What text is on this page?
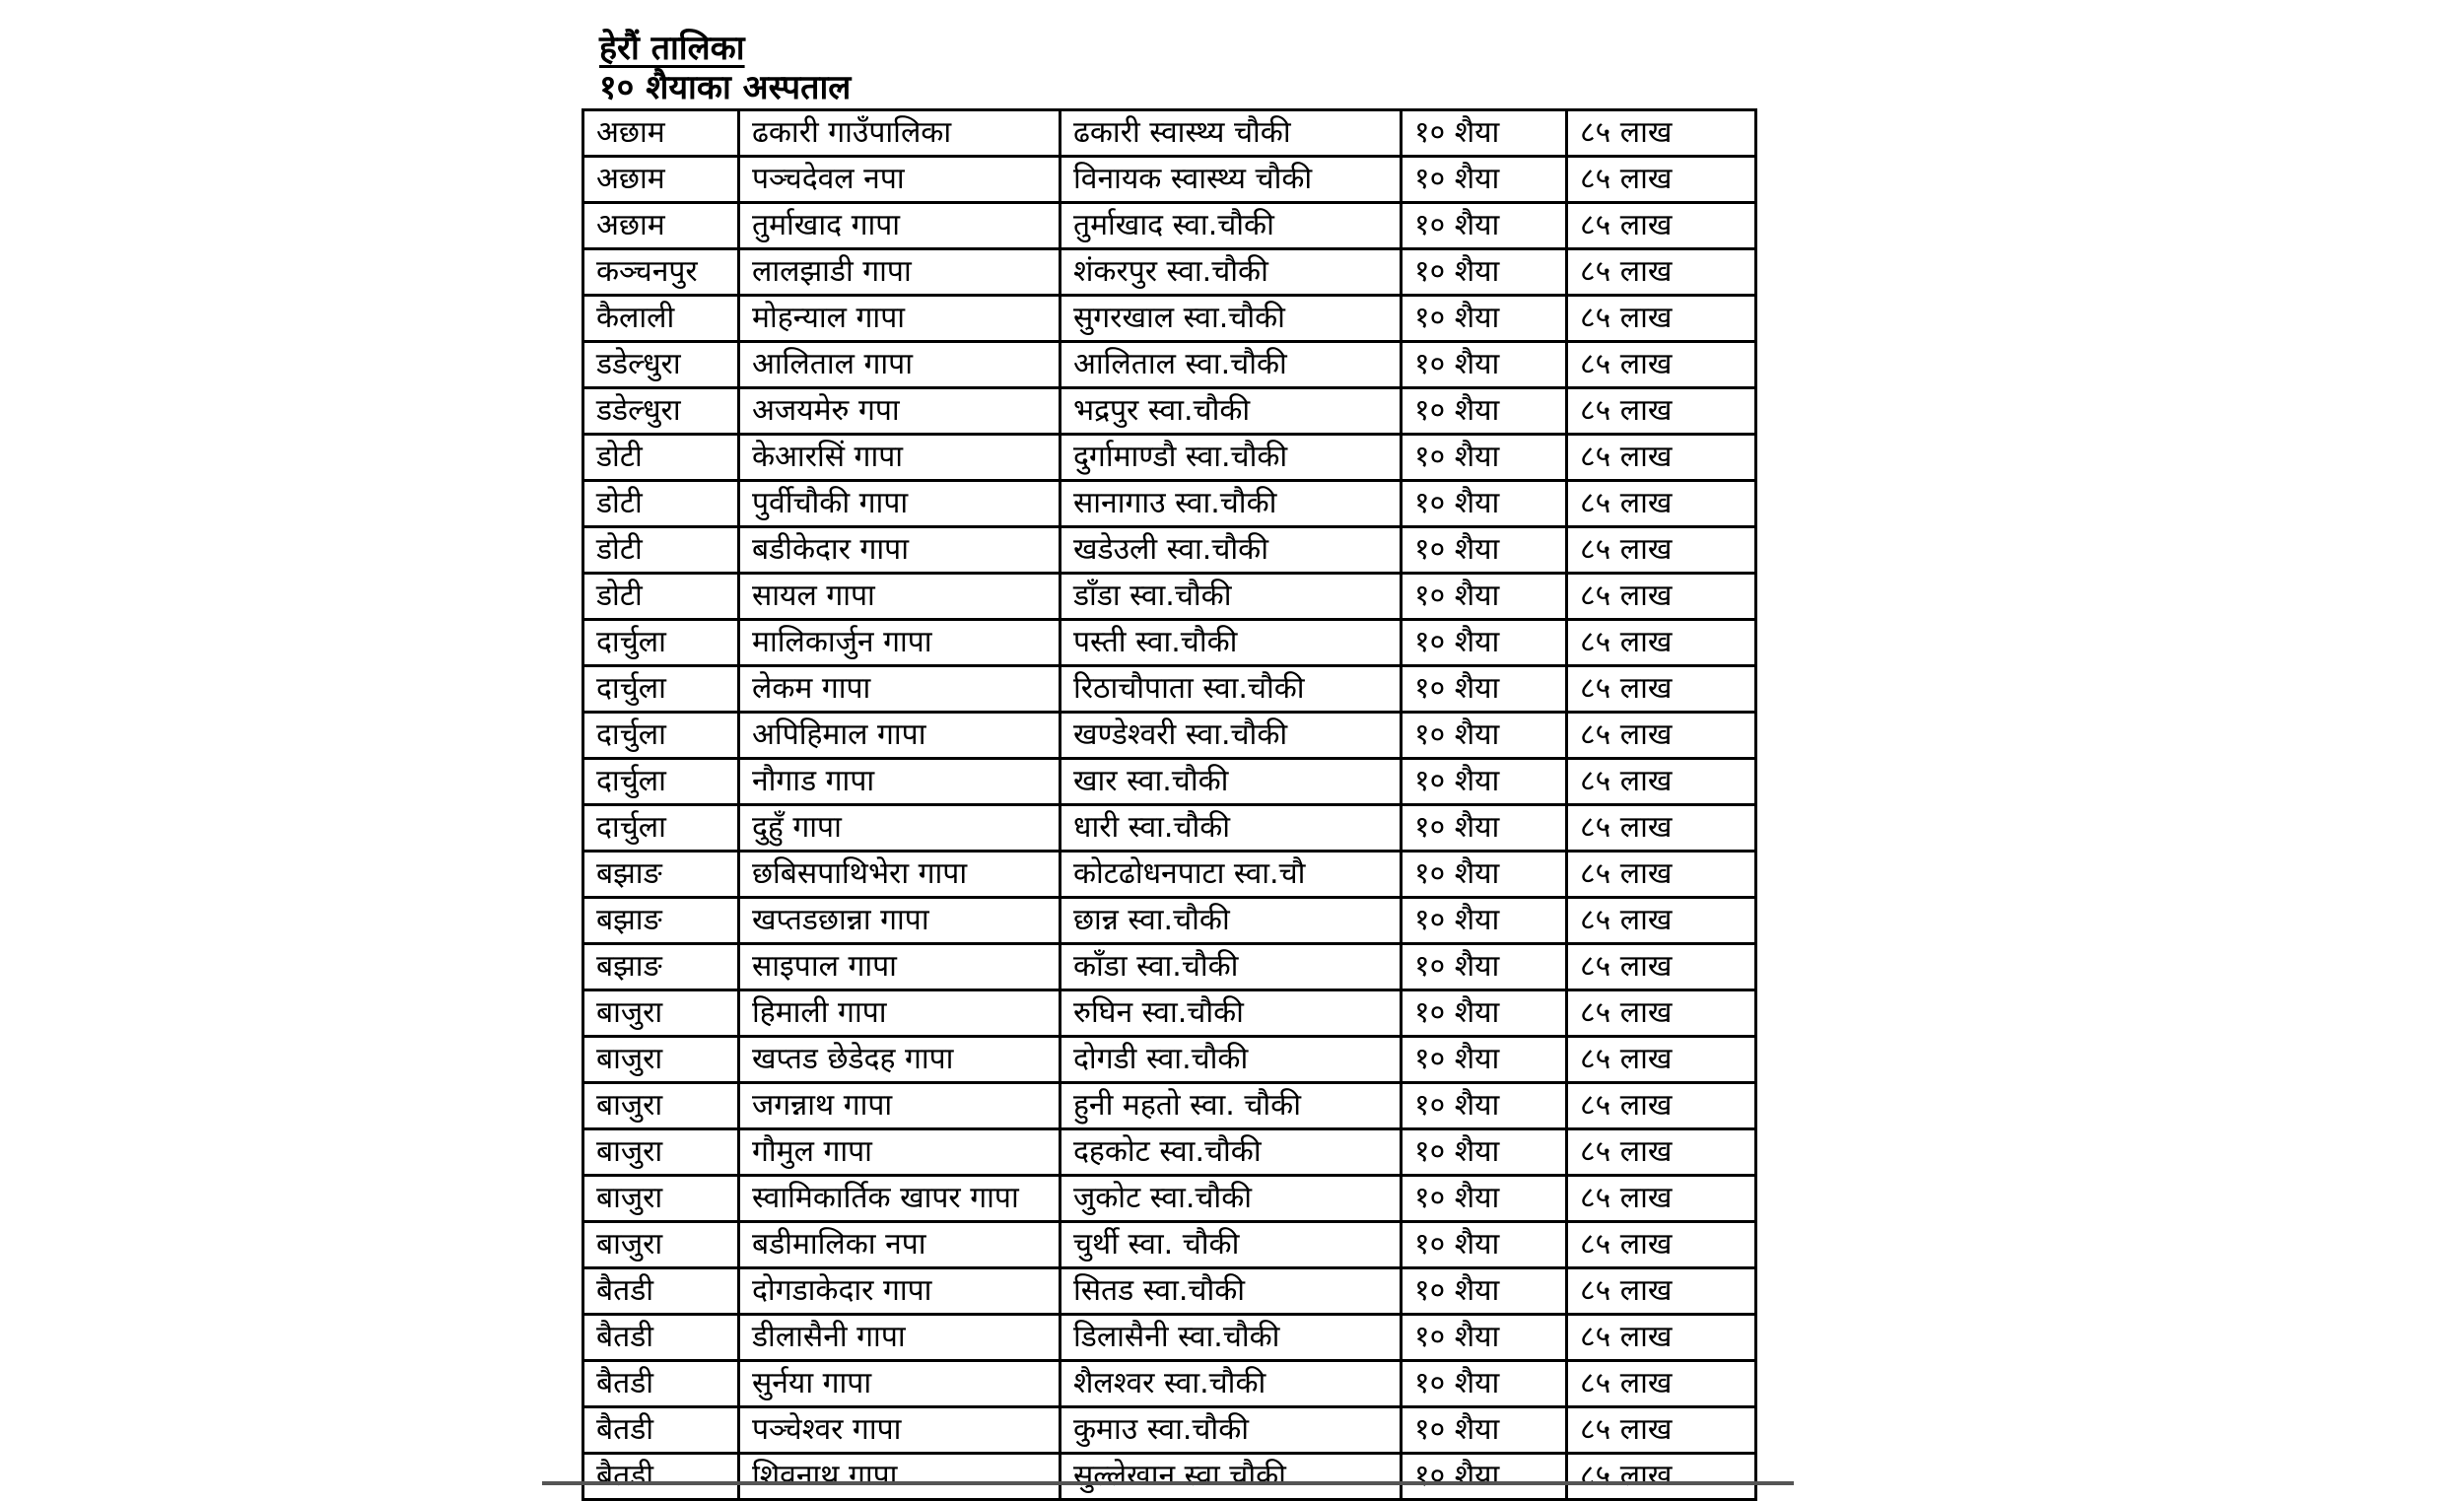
हेरौं तालिका
१० शैयाका अस्पताल
अछाम	ढकारी गाउँपालिका	ढकारी स्वास्थ्य चौकी	१० शैया	८५ लाख
अछाम	पञ्चदेवल नपा	विनायक स्वास्थ्य चौकी	१० शैया	८५ लाख
अछाम	तुर्माखाद गापा	तुर्माखाद स्वा.चौकी	१० शैया	८५ लाख
कञ्चनपुर	लालझाडी गापा	शंकरपुर स्वा.चौकी	१० शैया	८५ लाख
कैलाली	मोहन्याल गापा	सुगरखाल स्वा.चौकी	१० शैया	८५ लाख
डडेल्धुरा	आलिताल गापा	आलिताल स्वा.चौकी	१० शैया	८५ लाख
डडेल्धुरा	अजयमेरु गपा	भद्रपुर स्वा.चौकी	१० शैया	८५ लाख
डोटी	केआरसिं गापा	दुर्गामाण्डौ स्वा.चौकी	१० शैया	८५ लाख
डोटी	पुर्वीचौकी गापा	सानागाउ स्वा.चौकी	१० शैया	८५ लाख
डोटी	बडीकेदार गापा	खडेउली स्वा.चौकी	१० शैया	८५ लाख
डोटी	सायल गापा	डाँडा स्वा.चौकी	१० शैया	८५ लाख
दार्चुला	मालिकार्जुन गापा	पस्ती स्वा.चौकी	१० शैया	८५ लाख
दार्चुला	लेकम गापा	रिठाचौपाता स्वा.चौकी	१० शैया	८५ लाख
दार्चुला	अपिहिमाल गापा	खण्डेश्वरी स्वा.चौकी	१० शैया	८५ लाख
दार्चुला	नौगाड गापा	खार स्वा.चौकी	१० शैया	८५ लाख
दार्चुला	दुहुँ गापा	धारी स्वा.चौकी	१० शैया	८५ लाख
बझाङ	छबिसपाथिभेरा गापा	कोटढोधनपाटा स्वा.चौ	१० शैया	८५ लाख
बझाङ	खप्तडछान्ना गापा	छान्न स्वा.चौकी	१० शैया	८५ लाख
बझाङ	साइपाल गापा	काँडा स्वा.चौकी	१० शैया	८५ लाख
बाजुरा	हिमाली गापा	रुघिन स्वा.चौकी	१० शैया	८५ लाख
बाजुरा	खप्तड छेडेदह गापा	दोगडी स्वा.चौकी	१० शैया	८५ लाख
बाजुरा	जगन्नाथ गापा	हुनी महतो स्वा. चौकी	१० शैया	८५ लाख
बाजुरा	गौमुल गापा	दहकोट स्वा.चौकी	१० शैया	८५ लाख
बाजुरा	स्वामिकार्तिक खापर गापा	जुकोट स्वा.चौकी	१० शैया	८५ लाख
बाजुरा	बडीमालिका नपा	चुर्थी स्वा. चौकी	१० शैया	८५ लाख
बैतडी	दोगडाकेदार गापा	सितड स्वा.चौकी	१० शैया	८५ लाख
बैतडी	डीलासैनी गापा	डिलासैनी स्वा.चौकी	१० शैया	८५ लाख
बैतडी	सुर्नया गापा	शैलश्वर स्वा.चौकी	१० शैया	८५ लाख
बैतडी	पञ्चेश्वर गापा	कुमाउ स्वा.चौकी	१० शैया	८५ लाख
बैतडी	शिवनाथ गापा	सुल्लेखान स्वा.चौकी	१० शैया	८५ लाख
